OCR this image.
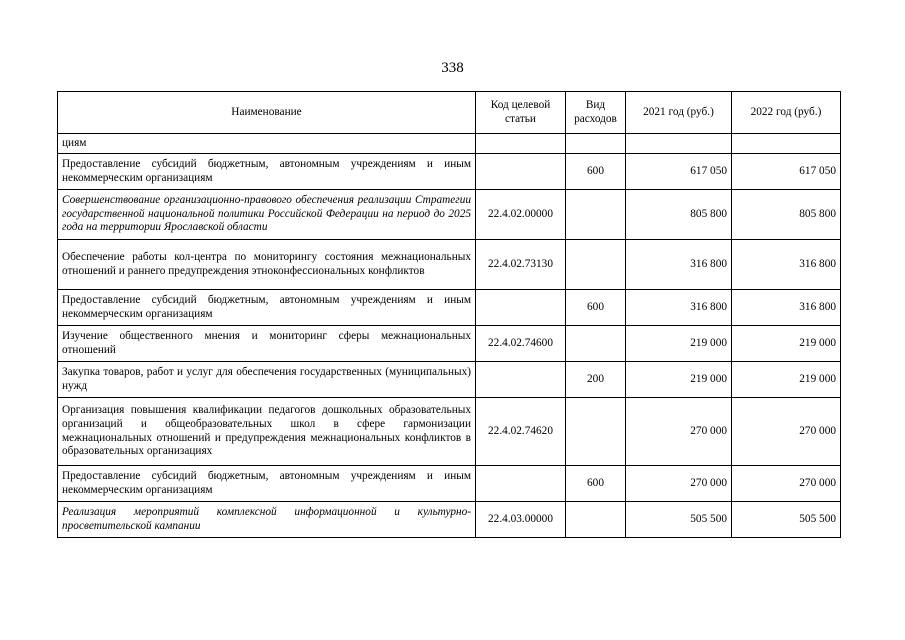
338
Наименование	Код целевой статьи	Вид расходов	2021 год (руб.)	2022 год (руб.)
циям				
Предоставление субсидий бюджетным, автономным учреждениям и иным некоммерческим организациям		600	617 050	617 050
Совершенствование организационно-правового обеспечения реализации Стратегии государственной национальной политики Российской Федерации на период до 2025 года на территории Ярославской области	22.4.02.00000		805 800	805 800
Обеспечение работы кол-центра по мониторингу состояния межнациональных отношений и раннего предупреждения этноконфессиональных конфликтов	22.4.02.73130		316 800	316 800
Предоставление субсидий бюджетным, автономным учреждениям и иным некоммерческим организациям		600	316 800	316 800
Изучение общественного мнения и мониторинг сферы межнациональных отношений	22.4.02.74600		219 000	219 000
Закупка товаров, работ и услуг для обеспечения государственных (муниципальных) нужд		200	219 000	219 000
Организация повышения квалификации педагогов дошкольных образовательных организаций и общеобразовательных школ в сфере гармонизации межнациональных отношений и предупреждения межнациональных конфликтов в образовательных организациях	22.4.02.74620		270 000	270 000
Предоставление субсидий бюджетным, автономным учреждениям и иным некоммерческим организациям		600	270 000	270 000
Реализация мероприятий комплексной информационной и культурно-просветительской кампании	22.4.03.00000		505 500	505 500
